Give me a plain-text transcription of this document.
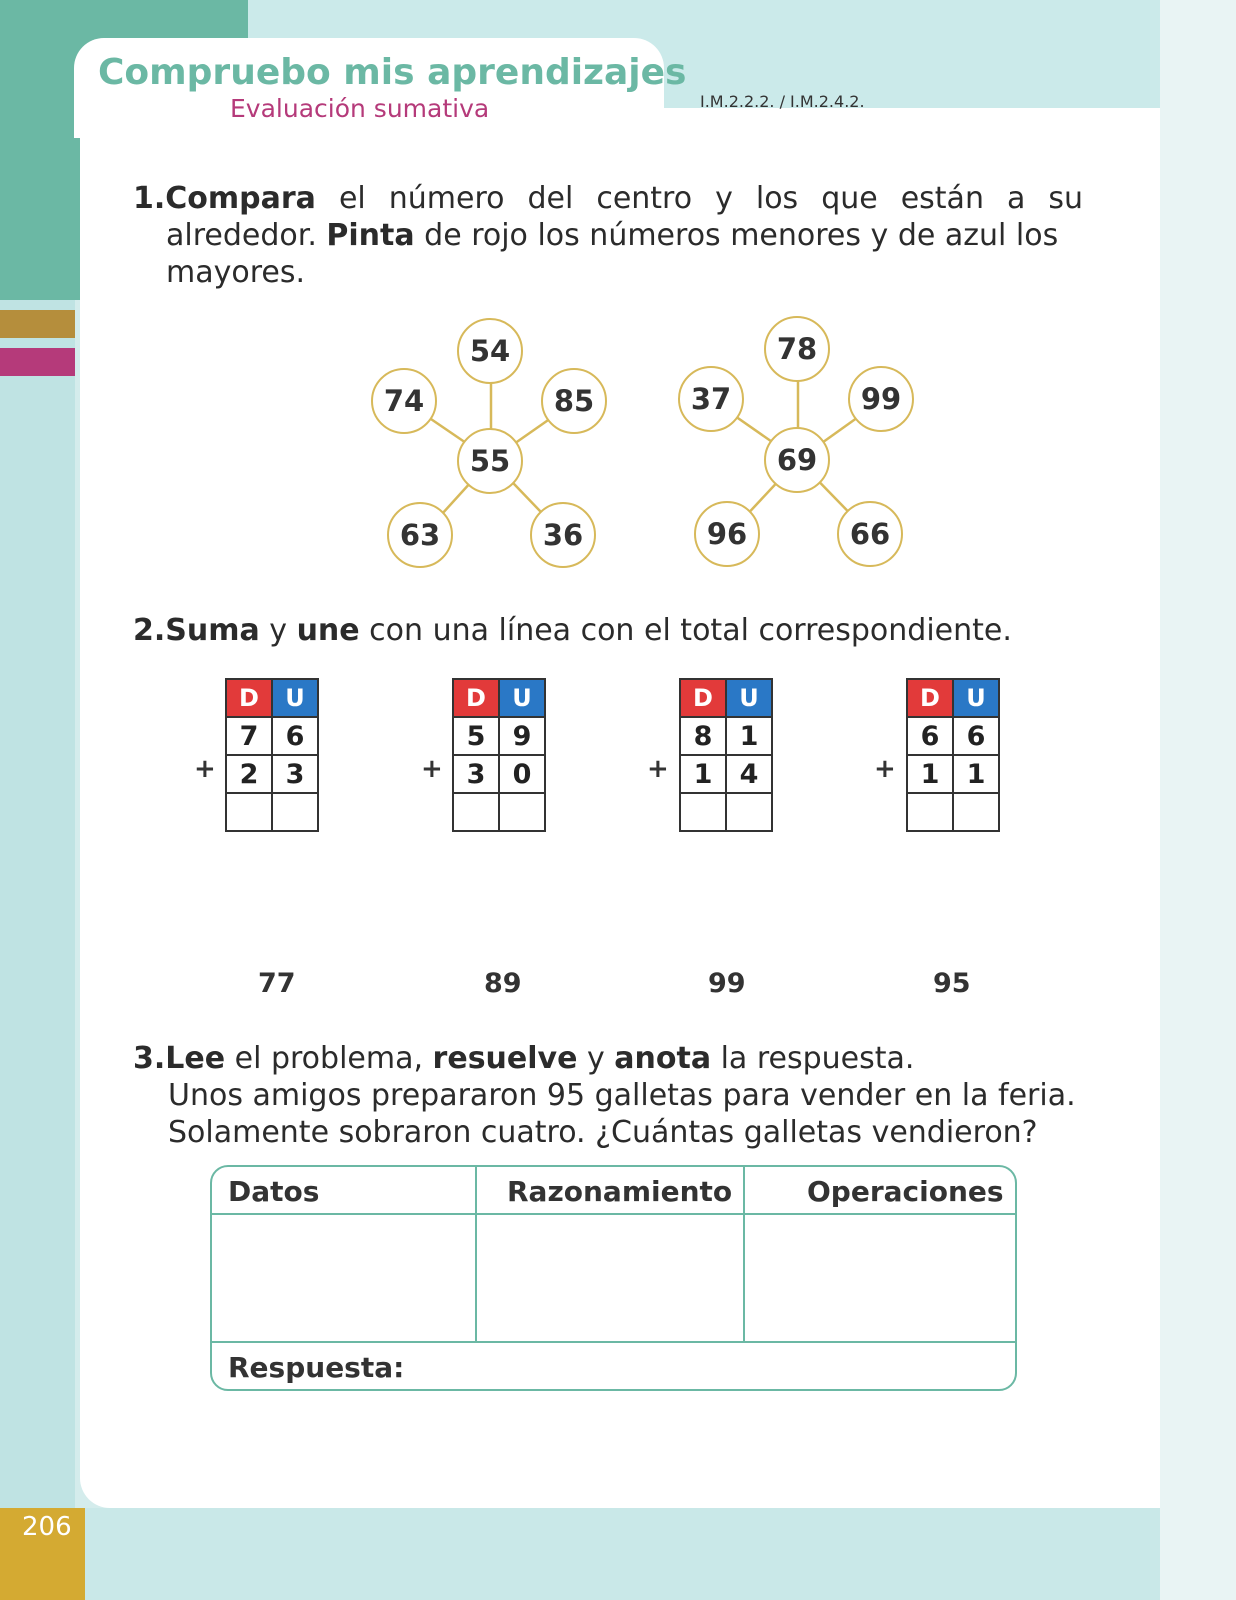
Compruebo mis aprendizajes
Evaluación sumativa	I.M.2.2.2. / I.M.2.4.2.

1.Compara el número del centro y los que están a su
alrededor. Pinta de rojo los números menores y de azul los
mayores.

54
74	85
55
63	36
78
37	99
69
96	66

2.Suma y une con una línea con el total correspondiente.

+
D	U
7	6
2	3
		+
D	U
5	9
3	0
		+
D	U
8	1
1	4
		+
D	U
6	6
1	1

77	89	99	95

3.Lee el problema, resuelve y anota la respuesta.
Unos amigos prepararon 95 galletas para vender en la feria.
Solamente sobraron cuatro. ¿Cuántas galletas vendieron?

Datos	Razonamiento	Operaciones
Respuesta:
206
